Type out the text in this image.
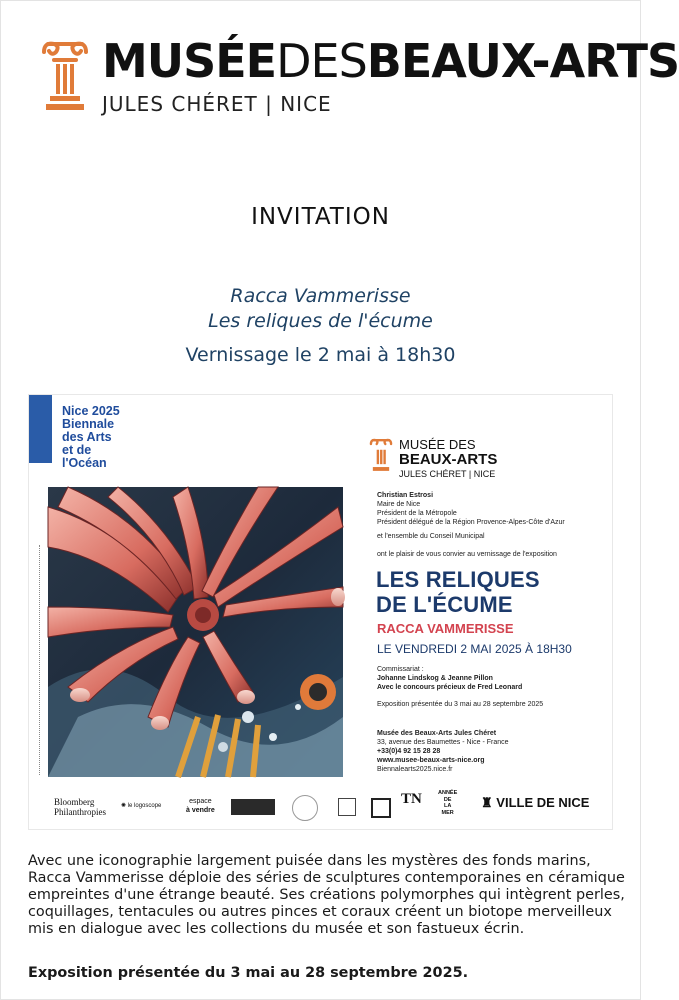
MUSÉEDESBEAUX-ARTS
JULES CHÉRET | NICE
INVITATION
Racca Vammerisse
Les reliques de l'écume
Vernissage le 2 mai à 18h30
Nice 2025
Biennale
des Arts
et de
l'Océan
MUSÉE DES
BEAUX-ARTS
JULES CHÉRET | NICE
Christian Estrosi
Maire de Nice
Président de la Métropole
Président délégué de la Région Provence-Alpes-Côte d'Azur
et l'ensemble du Conseil Municipal
ont le plaisir de vous convier au vernissage de l'exposition
LES RELIQUES
DE L'ÉCUME
RACCA VAMMERISSE
LE VENDREDI 2 MAI 2025 À 18H30
Commissariat :
Johanne Lindskog & Jeanne Pillon
Avec le concours précieux de Fred Leonard
Exposition présentée du 3 mai au 28 septembre 2025
Musée des Beaux-Arts Jules Chéret
33, avenue des Baumettes - Nice - France
+33(0)4 92 15 28 28
www.musee-beaux-arts-nice.org
Biennalearts2025.nice.fr
Bloomberg
Philanthropies
✺ le logoscope
espace
à vendre
TN	ANNÉE
DE
LA
MER
♜ VILLE DE NICE
Avec une iconographie largement puisée dans les mystères des fonds marins, Racca Vammerisse déploie des séries de sculptures contemporaines en céramique empreintes d'une étrange beauté. Ses créations polymorphes qui intègrent perles, coquillages, tentacules ou autres pinces et coraux créent un biotope merveilleux mis en dialogue avec les collections du musée et son fastueux écrin.
Exposition présentée du 3 mai au 28 septembre 2025.
